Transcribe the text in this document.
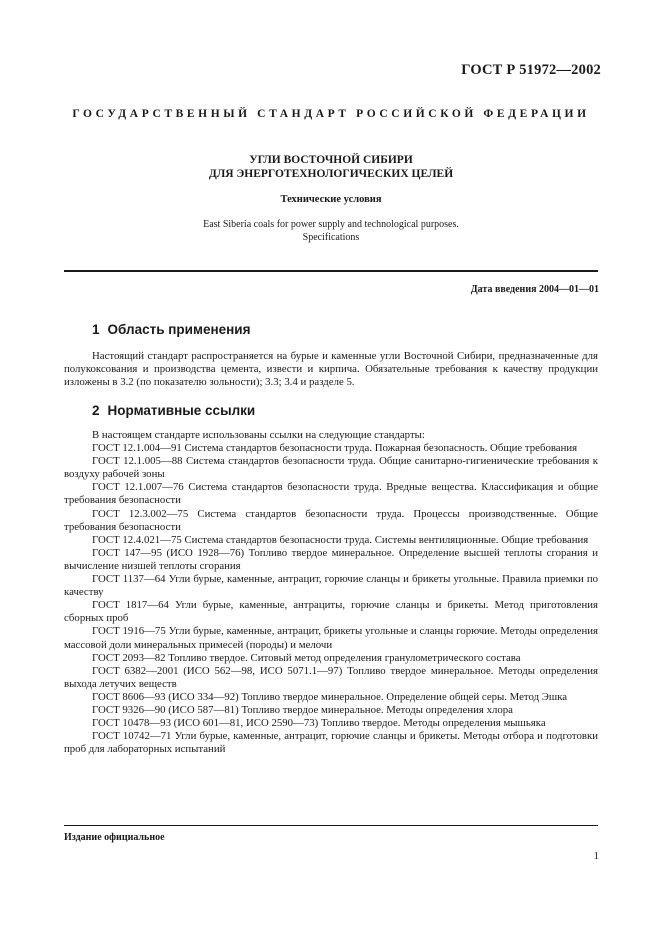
ГОСТ Р 51972—2002
ГОСУДАРСТВЕННЫЙ СТАНДАРТ РОССИЙСКОЙ ФЕДЕРАЦИИ
УГЛИ ВОСТОЧНОЙ СИБИРИ
ДЛЯ ЭНЕРГОТЕХНОЛОГИЧЕСКИХ ЦЕЛЕЙ
Технические условия
East Siberia coals for power supply and technological purposes.
Specifications
Дата введения 2004—01—01
1 Область применения

Настоящий стандарт распространяется на бурые и каменные угли Восточной Сибири, предназначенные для полукоксования и производства цемента, извести и кирпича. Обязательные требования к качеству продукции изложены в 3.2 (по показателю зольности); 3.3; 3.4 и разделе 5.

2 Нормативные ссылки

В настоящем стандарте использованы ссылки на следующие стандарты:

ГОСТ 12.1.004—91 Система стандартов безопасности труда. Пожарная безопасность. Общие требования

ГОСТ 12.1.005—88 Система стандартов безопасности труда. Общие санитарно-гигиенические требования к воздуху рабочей зоны

ГОСТ 12.1.007—76 Система стандартов безопасности труда. Вредные вещества. Классификация и общие требования безопасности

ГОСТ 12.3.002—75 Система стандартов безопасности труда. Процессы производственные. Общие требования безопасности

ГОСТ 12.4.021—75 Система стандартов безопасности труда. Системы вентиляционные. Общие требования

ГОСТ 147—95 (ИСО 1928—76) Топливо твердое минеральное. Определение высшей теплоты сгорания и вычисление низшей теплоты сгорания

ГОСТ 1137—64 Угли бурые, каменные, антрацит, горючие сланцы и брикеты угольные. Правила приемки по качеству

ГОСТ 1817—64 Угли бурые, каменные, антрациты, горючие сланцы и брикеты. Метод приготовления сборных проб

ГОСТ 1916—75 Угли бурые, каменные, антрацит, брикеты угольные и сланцы горючие. Методы определения массовой доли минеральных примесей (породы) и мелочи

ГОСТ 2093—82 Топливо твердое. Ситовый метод определения гранулометрического состава

ГОСТ 6382—2001 (ИСО 562—98, ИСО 5071.1—97) Топливо твердое минеральное. Методы определения выхода летучих веществ

ГОСТ 8606—93 (ИСО 334—92) Топливо твердое минеральное. Определение общей серы. Метод Эшка

ГОСТ 9326—90 (ИСО 587—81) Топливо твердое минеральное. Методы определения хлора

ГОСТ 10478—93 (ИСО 601—81, ИСО 2590—73) Топливо твердое. Методы определения мышьяка

ГОСТ 10742—71 Угли бурые, каменные, антрацит, горючие сланцы и брикеты. Методы отбора и подготовки проб для лабораторных испытаний

Издание официальное
1
